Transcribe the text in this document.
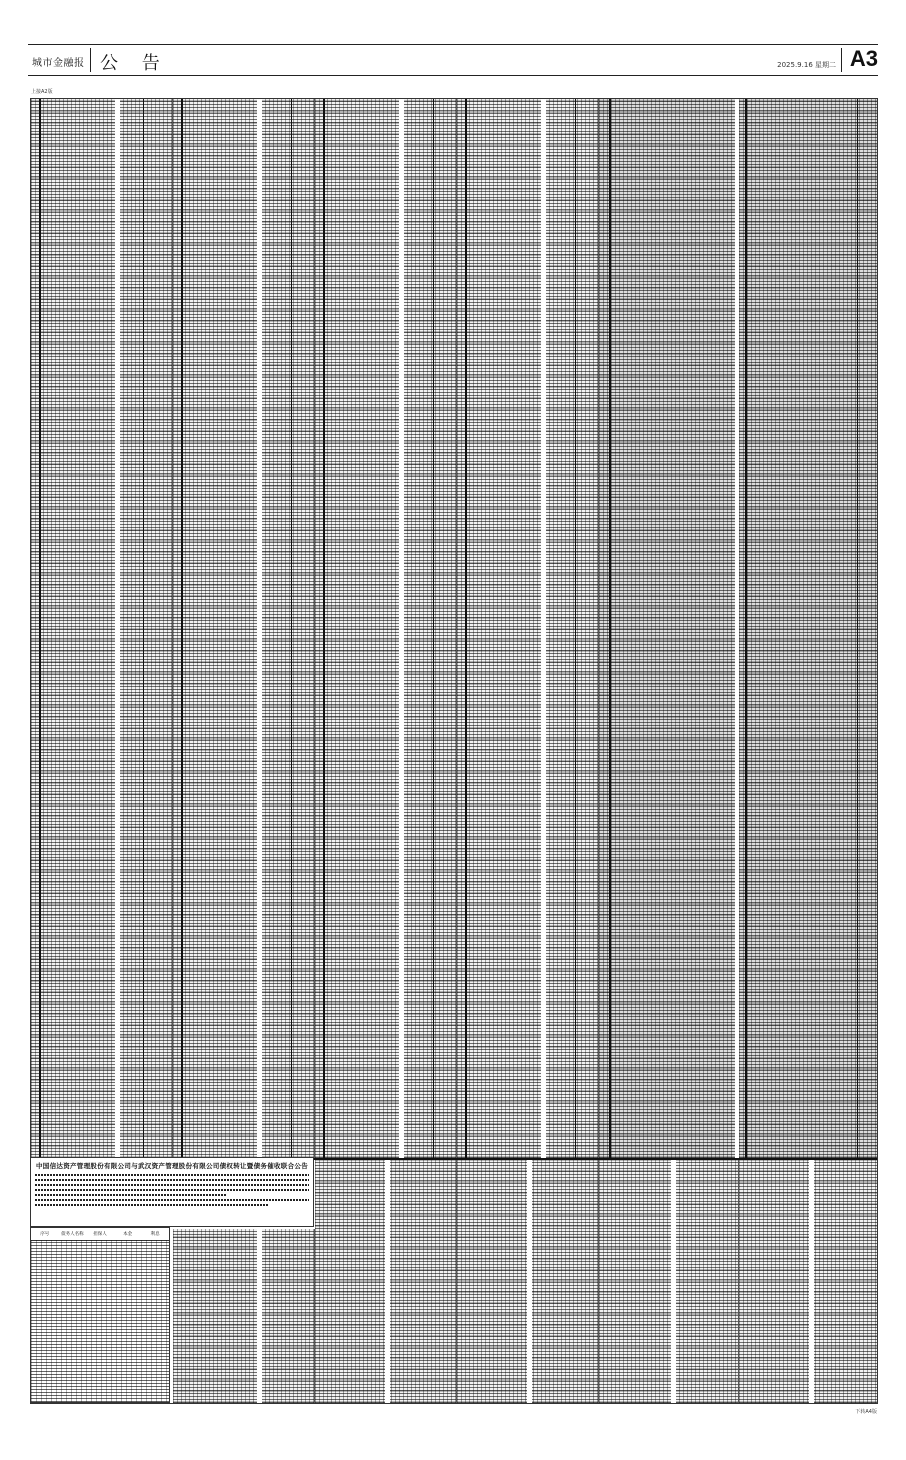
城市金融报 公 告	2025.9.16 星期二 A3
上接A2版
中国信达资产管理股份有限公司与武汉资产管理股份有限公司债权转让暨债务催收联合公告
序号	债务人名称	担保人	本金	利息
下转A4版
